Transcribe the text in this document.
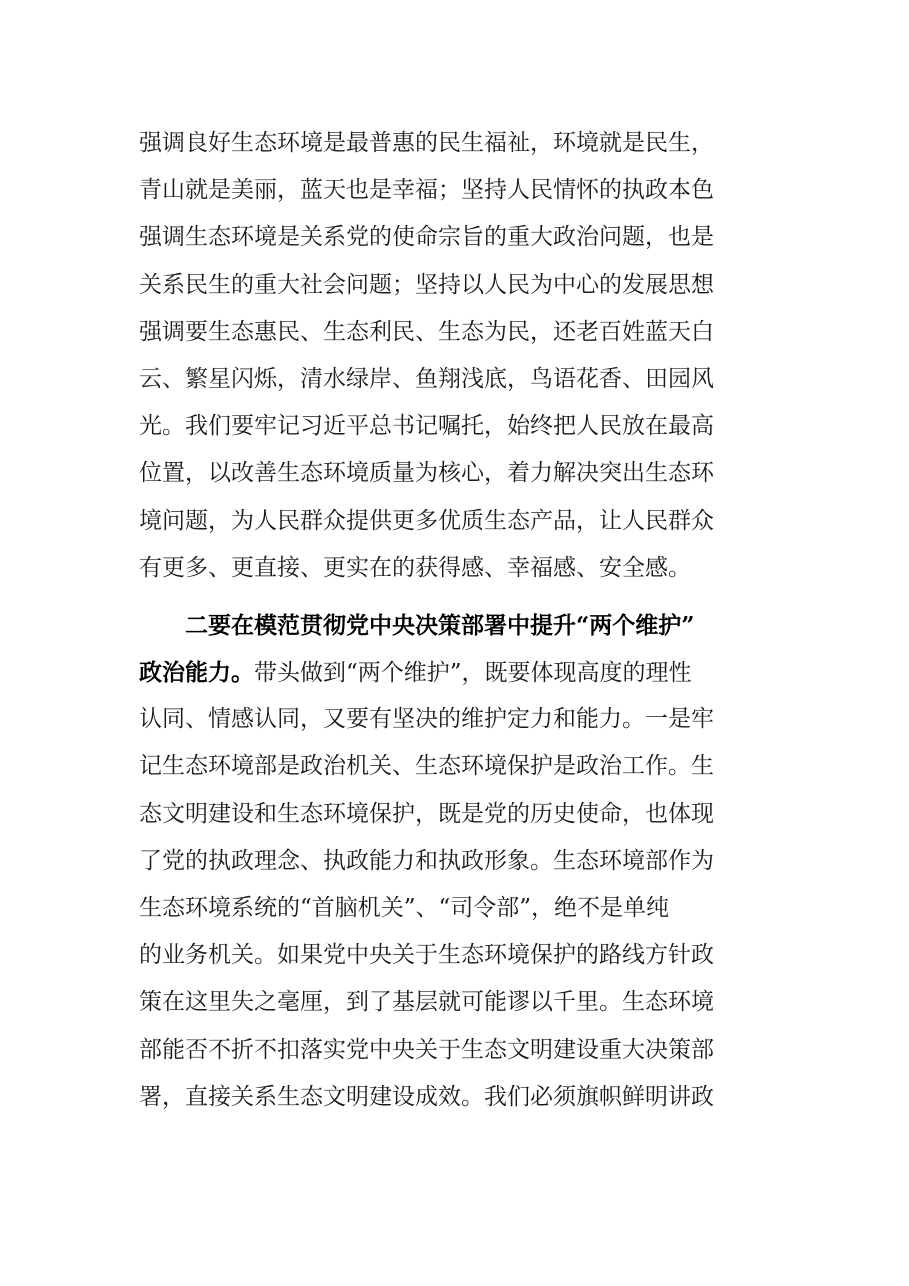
强调良好生态环境是最普惠的民生福祉，环境就是民生，
青山就是美丽，蓝天也是幸福；坚持人民情怀的执政本色
强调生态环境是关系党的使命宗旨的重大政治问题，也是
关系民生的重大社会问题；坚持以人民为中心的发展思想
强调要生态惠民、生态利民、生态为民，还老百姓蓝天白
云、繁星闪烁，清水绿岸、鱼翔浅底，鸟语花香、田园风
光。我们要牢记习近平总书记嘱托，始终把人民放在最高
位置，以改善生态环境质量为核心，着力解决突出生态环
境问题，为人民群众提供更多优质生态产品，让人民群众
有更多、更直接、更实在的获得感、幸福感、安全感。
二要在模范贯彻党中央决策部署中提升“两个维护”
政治能力。带头做到“两个维护”，既要体现高度的理性
认同、情感认同，又要有坚决的维护定力和能力。一是牢
记生态环境部是政治机关、生态环境保护是政治工作。生
态文明建设和生态环境保护，既是党的历史使命，也体现
了党的执政理念、执政能力和执政形象。生态环境部作为
生态环境系统的“首脑机关”、“司令部”，绝不是单纯
的业务机关。如果党中央关于生态环境保护的路线方针政
策在这里失之毫厘，到了基层就可能谬以千里。生态环境
部能否不折不扣落实党中央关于生态文明建设重大决策部
署，直接关系生态文明建设成效。我们必须旗帜鲜明讲政
